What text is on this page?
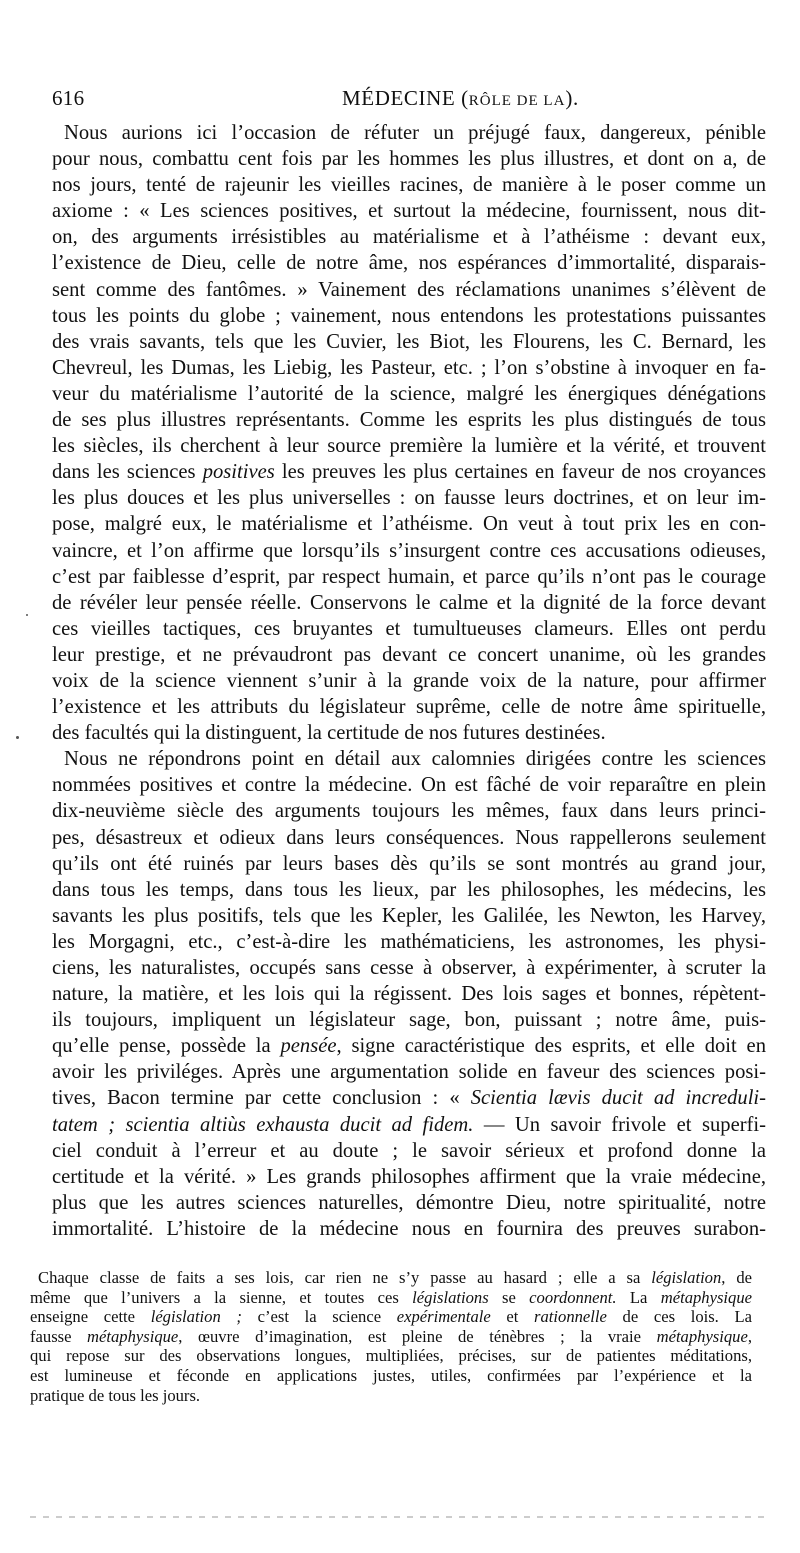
616	MÉDECINE (RÔLE DE LA).
Nous aurions ici l’occasion de réfuter un préjugé faux, dangereux, pénible
pour nous, combattu cent fois par les hommes les plus illustres, et dont on a, de
nos jours, tenté de rajeunir les vieilles racines, de manière à le poser comme un
axiome : « Les sciences positives, et surtout la médecine, fournissent, nous dit-
on, des arguments irrésistibles au matérialisme et à l’athéisme : devant eux,
l’existence de Dieu, celle de notre âme, nos espérances d’immortalité, disparais-
sent comme des fantômes. » Vainement des réclamations unanimes s’élèvent de
tous les points du globe ; vainement, nous entendons les protestations puissantes
des vrais savants, tels que les Cuvier, les Biot, les Flourens, les C. Bernard, les
Chevreul, les Dumas, les Liebig, les Pasteur, etc. ; l’on s’obstine à invoquer en fa-
veur du matérialisme l’autorité de la science, malgré les énergiques dénégations
de ses plus illustres représentants. Comme les esprits les plus distingués de tous
les siècles, ils cherchent à leur source première la lumière et la vérité, et trouvent
dans les sciences positives les preuves les plus certaines en faveur de nos croyances
les plus douces et les plus universelles : on fausse leurs doctrines, et on leur im-
pose, malgré eux, le matérialisme et l’athéisme. On veut à tout prix les en con-
vaincre, et l’on affirme que lorsqu’ils s’insurgent contre ces accusations odieuses,
c’est par faiblesse d’esprit, par respect humain, et parce qu’ils n’ont pas le courage
de révéler leur pensée réelle. Conservons le calme et la dignité de la force devant
ces vieilles tactiques, ces bruyantes et tumultueuses clameurs. Elles ont perdu
leur prestige, et ne prévaudront pas devant ce concert unanime, où les grandes
voix de la science viennent s’unir à la grande voix de la nature, pour affirmer
l’existence et les attributs du législateur suprême, celle de notre âme spirituelle,
des facultés qui la distinguent, la certitude de nos futures destinées.
Nous ne répondrons point en détail aux calomnies dirigées contre les sciences
nommées positives et contre la médecine. On est fâché de voir reparaître en plein
dix-neuvième siècle des arguments toujours les mêmes, faux dans leurs princi-
pes, désastreux et odieux dans leurs conséquences. Nous rappellerons seulement
qu’ils ont été ruinés par leurs bases dès qu’ils se sont montrés au grand jour,
dans tous les temps, dans tous les lieux, par les philosophes, les médecins, les
savants les plus positifs, tels que les Kepler, les Galilée, les Newton, les Harvey,
les Morgagni, etc., c’est-à-dire les mathématiciens, les astronomes, les physi-
ciens, les naturalistes, occupés sans cesse à observer, à expérimenter, à scruter la
nature, la matière, et les lois qui la régissent. Des lois sages et bonnes, répètent-
ils toujours, impliquent un législateur sage, bon, puissant ; notre âme, puis-
qu’elle pense, possède la pensée, signe caractéristique des esprits, et elle doit en
avoir les priviléges. Après une argumentation solide en faveur des sciences posi-
tives, Bacon termine par cette conclusion : « Scientia lævis ducit ad increduli-
tatem ; scientia altiùs exhausta ducit ad fidem. — Un savoir frivole et superfi-
ciel conduit à l’erreur et au doute ; le savoir sérieux et profond donne la
certitude et la vérité. » Les grands philosophes affirment que la vraie médecine,
plus que les autres sciences naturelles, démontre Dieu, notre spiritualité, notre
immortalité. L’histoire de la médecine nous en fournira des preuves surabon-
Chaque classe de faits a ses lois, car rien ne s’y passe au hasard ; elle a sa législation, de
même que l’univers a la sienne, et toutes ces législations se coordonnent. La métaphysique
enseigne cette législation ; c’est la science expérimentale et rationnelle de ces lois. La
fausse métaphysique, œuvre d’imagination, est pleine de ténèbres ; la vraie métaphysique,
qui repose sur des observations longues, multipliées, précises, sur de patientes méditations,
est lumineuse et féconde en applications justes, utiles, confirmées par l’expérience et la
pratique de tous les jours.
